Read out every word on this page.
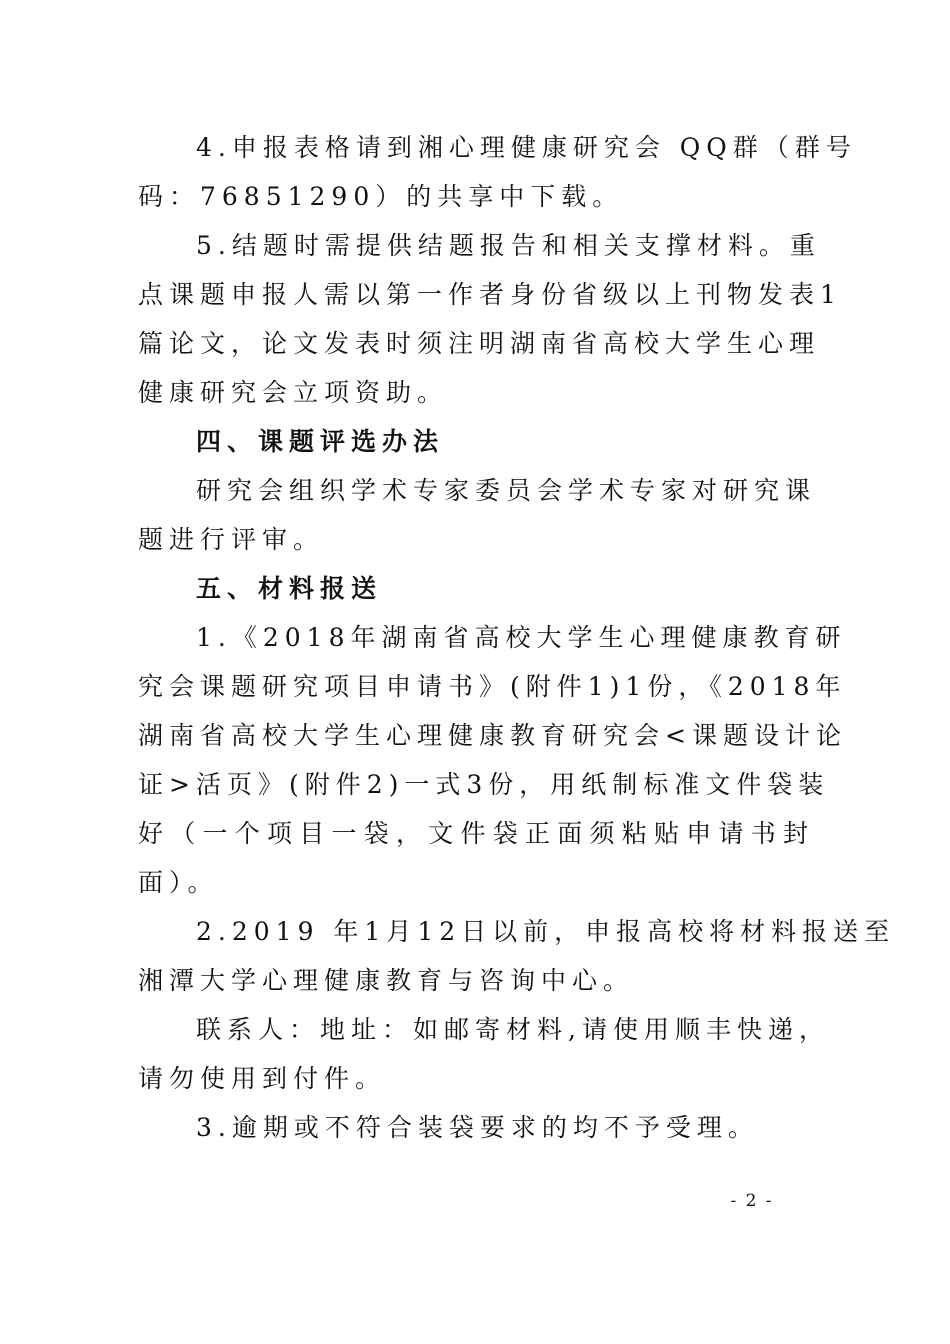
4.申报表格请到湘心理健康研究会 QQ群（群号
码：76851290）的共享中下载。
5.结题时需提供结题报告和相关支撑材料。重
点课题申报人需以第一作者身份省级以上刊物发表1
篇论文，论文发表时须注明湖南省高校大学生心理
健康研究会立项资助。
四、课题评选办法
研究会组织学术专家委员会学术专家对研究课
题进行评审。
五、材料报送
1.《2018年湖南省高校大学生心理健康教育研
究会课题研究项目申请书》(附件1)1份，《2018年
湖南省高校大学生心理健康教育研究会<课题设计论
证>活页》(附件2)一式3份，用纸制标准文件袋装
好（一个项目一袋，文件袋正面须粘贴申请书封
面）。
2.2019 年1月12日以前，申报高校将材料报送至
湘潭大学心理健康教育与咨询中心。
联系人：地址：如邮寄材料,请使用顺丰快递，
请勿使用到付件。
3.逾期或不符合装袋要求的均不予受理。
- 2 -
